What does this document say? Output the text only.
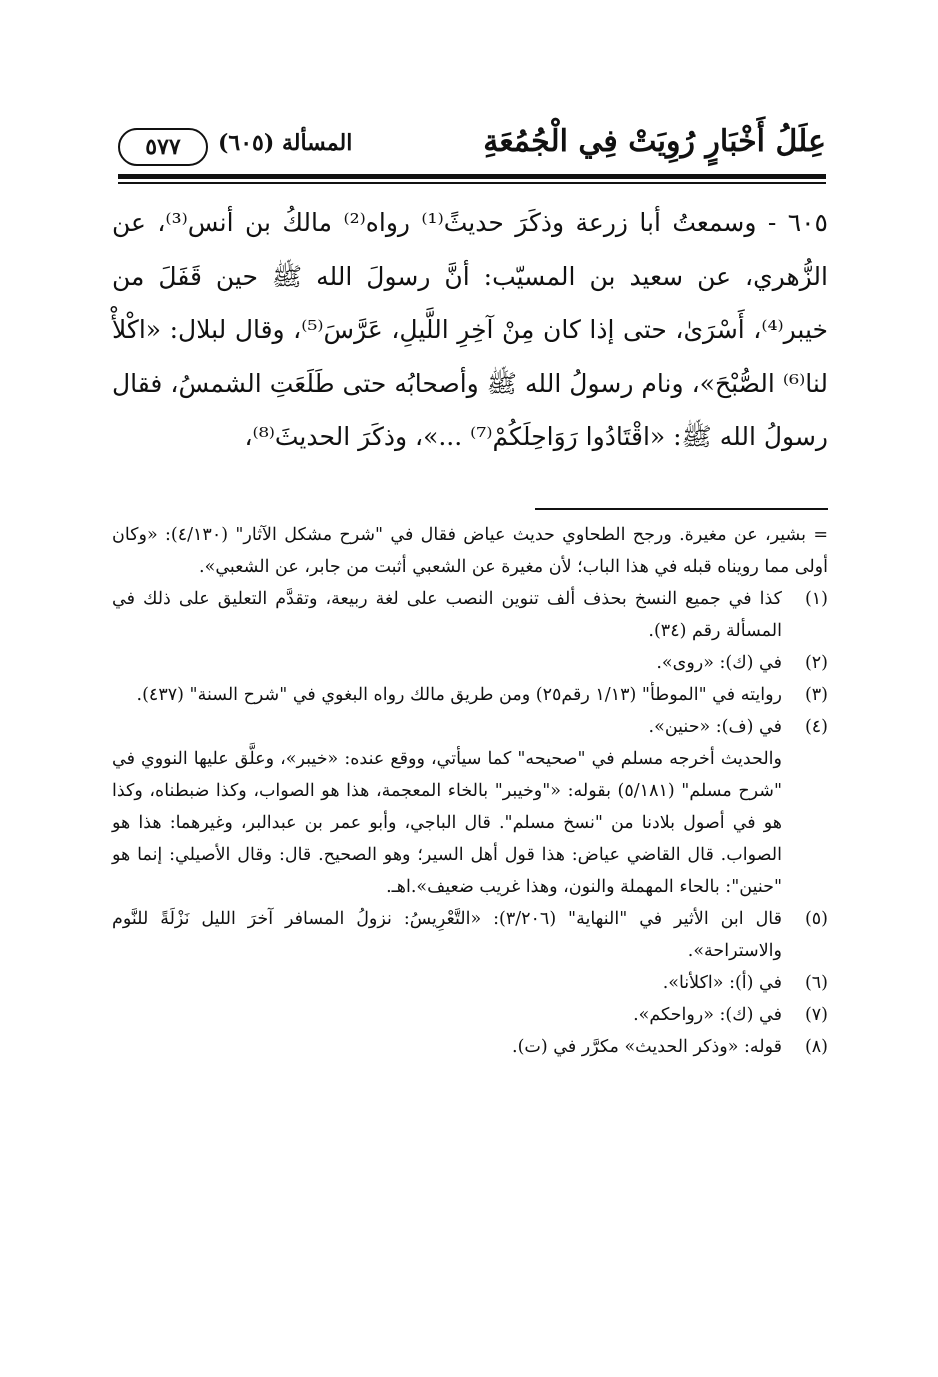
عِلَلُ أَخْبَارٍ رُوِيَتْ فِي الْجُمُعَةِ
المسألة (٦٠٥)
٥٧٧

٦٠٥ - وسمعتُ أبا زرعة وذكَرَ حديثً⁽¹⁾ رواه⁽²⁾ مالكُ بن أنس⁽³⁾، عن الزُّهري، عن سعيد بن المسيّب: أنَّ رسولَ الله ﷺ حين قَفَلَ من خيبر⁽⁴⁾، أَسْرَىٰ، حتى إذا كان مِنْ آخِرِ اللَّيلِ، عَرَّسَ⁽⁵⁾، وقال لبلال: «اكْلأْ لنا⁽⁶⁾ الصُّبْحَ»، ونام رسولُ الله ﷺ وأصحابُه حتى طَلَعَتِ الشمسُ، فقال رسولُ الله ﷺ: «اقْتَادُوا رَوَاحِلَكُمْ⁽⁷⁾ ...»، وذكَرَ الحديثَ⁽⁸⁾،

= بشير، عن مغيرة. ورجح الطحاوي حديث عياض فقال في "شرح مشكل الآثار" (٤/١٣٠): «وكان أولى مما رويناه قبله في هذا الباب؛ لأن مغيرة عن الشعبي أثبت من جابر، عن الشعبي».

(١)

كذا في جميع النسخ بحذف ألف تنوين النصب على لغة ربيعة، وتقدَّم التعليق على ذلك في المسألة رقم (٣٤).

(٢)

في (ك): «روى».

(٣)

روايته في "الموطأ" (١/١٣ رقم٢٥) ومن طريق مالك رواه البغوي في "شرح السنة" (٤٣٧).

(٤)

في (ف): «حنين».

والحديث أخرجه مسلم في "صحيحه" كما سيأتي، ووقع عنده: «خيبر»، وعلَّق عليها النووي في "شرح مسلم" (٥/١٨١) بقوله: «"وخيبر" بالخاء المعجمة، هذا هو الصواب، وكذا ضبطناه، وكذا هو في أصول بلادنا من "نسخ مسلم". قال الباجي، وأبو عمر بن عبدالبر، وغيرهما: هذا هو الصواب. قال القاضي عياض: هذا قول أهل السير؛ وهو الصحيح. قال: وقال الأصيلي: إنما هو "حنين": بالحاء المهملة والنون، وهذا غريب ضعيف».اهـ.

(٥)

قال ابن الأثير في "النهاية" (٣/٢٠٦): «التَّعْرِيسُ: نزولُ المسافر آخرَ الليل نَزْلَةً للنَّوم والاستراحة».

(٦)

في (أ): «اكلأنا».

(٧)

في (ك): «رواحكم».

(٨)

قوله: «وذكر الحديث» مكرَّر في (ت).
